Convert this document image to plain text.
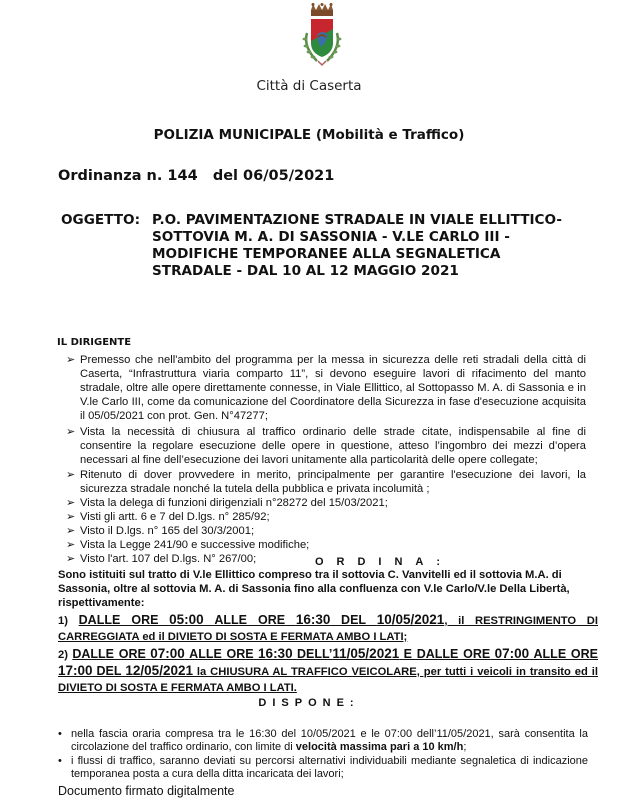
Città di Caserta
POLIZIA MUNICIPALE (Mobilità e Traffico)
Ordinanza n. 144   del 06/05/2021
OGGETTO: P.O. PAVIMENTAZIONE STRADALE IN VIALE ELLITTICO- SOTTOVIA M. A. DI SASSONIA - V.LE CARLO III - MODIFICHE TEMPORANEE ALLA SEGNALETICA STRADALE - DAL 10 AL 12 MAGGIO 2021
IL DIRIGENTE
➢ Premesso che nell'ambito del programma per la messa in sicurezza delle reti stradali della città di Caserta, “Infrastruttura viaria comparto 11”, si devono eseguire lavori di rifacimento del manto stradale, oltre alle opere direttamente connesse, in Viale Ellittico, al Sottopasso M. A. di Sassonia e in V.le Carlo III, come da comunicazione del Coordinatore della Sicurezza in fase d'esecuzione acquisita il 05/05/2021 con prot. Gen. N°47277;
➢ Vista la necessità di chiusura al traffico ordinario delle strade citate, indispensabile al fine di consentire la regolare esecuzione delle opere in questione, atteso l’ingombro dei mezzi d’opera necessari al fine dell’esecuzione dei lavori unitamente alla particolarità delle opere collegate;
➢ Ritenuto di dover provvedere in merito, principalmente per garantire l'esecuzione dei lavori, la sicurezza stradale nonché la tutela della pubblica e privata incolumità ;
➢ Vista la delega di funzioni dirigenziali n°28272 del 15/03/2021;
➢ Visti gli artt. 6 e 7 del D.lgs. n° 285/92;
➢ Visto il D.lgs. n° 165 del 30/3/2001;
➢ Vista la Legge 241/90 e successive modifiche;
➢ Visto l'art. 107 del D.lgs. N° 267/00;	ORDINA:
Sono istituiti sul tratto di V.le Ellittico compreso tra il sottovia C. Vanvitelli ed il sottovia M.A. di Sassonia, oltre al sottovia M. A. di Sassonia fino alla confluenza con V.le Carlo/V.le Della Libertà, rispettivamente:
1) DALLE ORE 05:00 ALLE ORE 16:30 DEL 10/05/2021, il RESTRINGIMENTO DI CARREGGIATA ed il DIVIETO DI SOSTA E FERMATA AMBO I LATI;
2) DALLE ORE 07:00 ALLE ORE 16:30 DELL’11/05/2021 E DALLE ORE 07:00 ALLE ORE 17:00 DEL 12/05/2021 la CHIUSURA AL TRAFFICO VEICOLARE, per tutti i veicoli in transito ed il DIVIETO DI SOSTA E FERMATA AMBO I LATI.
DISPONE:
• nella fascia oraria compresa tra le 16:30 del 10/05/2021 e le 07:00 dell’11/05/2021, sarà consentita la circolazione del traffico ordinario, con limite di velocità massima pari a 10 km/h;
• i flussi di traffico, saranno deviati su percorsi alternativi individuabili mediante segnaletica di indicazione temporanea posta a cura della ditta incaricata dei lavori;
Documento firmato digitalmente
